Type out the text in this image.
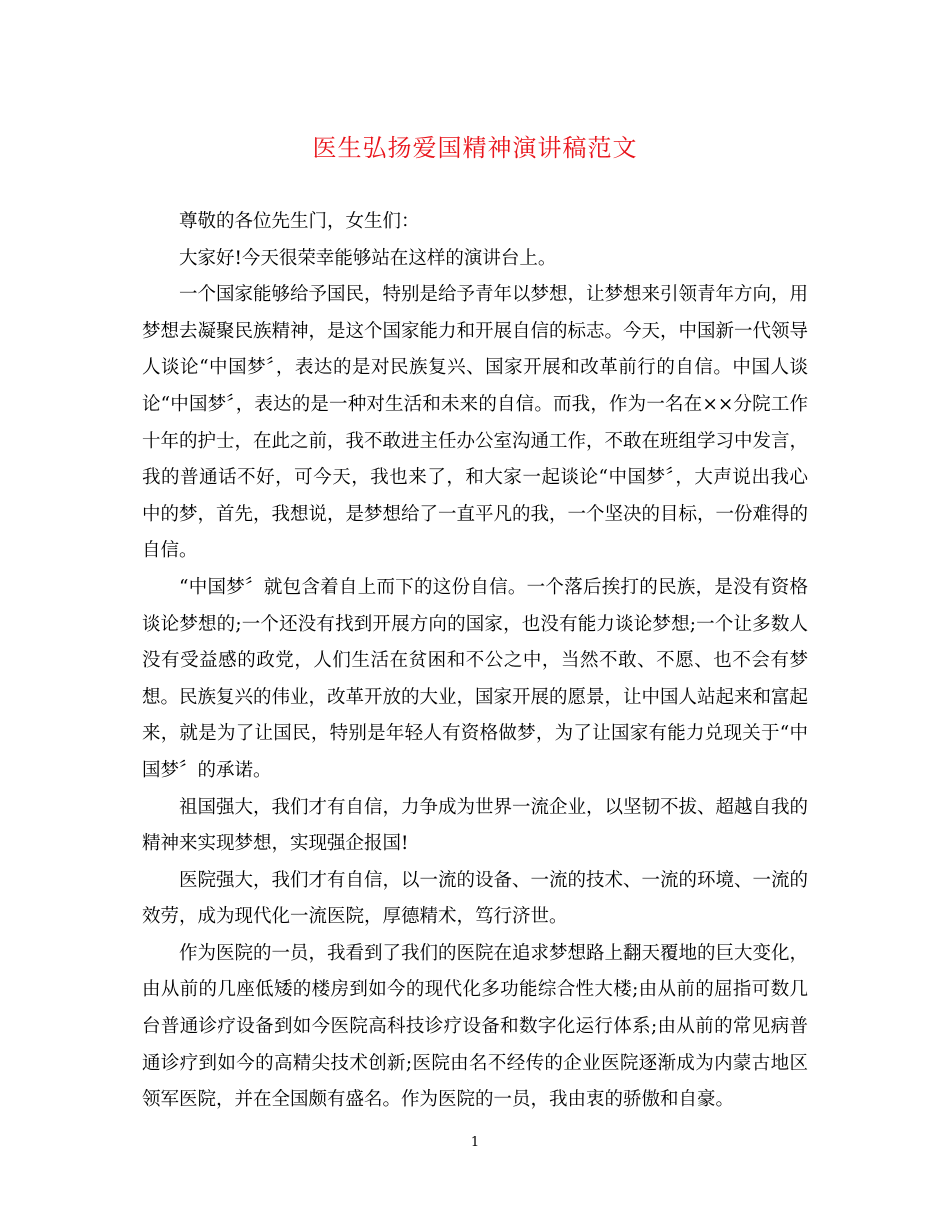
医生弘扬爱国精神演讲稿范文

尊敬的各位先生门，女生们：

大家好!今天很荣幸能够站在这样的演讲台上。

一个国家能够给予国民，特别是给予青年以梦想，让梦想来引领青年方向，用梦想去凝聚民族精神，是这个国家能力和开展自信的标志。今天，中国新一代领导人谈论“中国梦〞，表达的是对民族复兴、国家开展和改革前行的自信。中国人谈论“中国梦〞，表达的是一种对生活和未来的自信。而我，作为一名在××分院工作十年的护士，在此之前，我不敢进主任办公室沟通工作，不敢在班组学习中发言，我的普通话不好，可今天，我也来了，和大家一起谈论“中国梦〞，大声说出我心中的梦，首先，我想说，是梦想给了一直平凡的我，一个坚决的目标，一份难得的自信。

“中国梦〞就包含着自上而下的这份自信。一个落后挨打的民族，是没有资格谈论梦想的;一个还没有找到开展方向的国家，也没有能力谈论梦想;一个让多数人没有受益感的政党，人们生活在贫困和不公之中，当然不敢、不愿、也不会有梦想。民族复兴的伟业，改革开放的大业，国家开展的愿景，让中国人站起来和富起来，就是为了让国民，特别是年轻人有资格做梦，为了让国家有能力兑现关于“中国梦〞的承诺。

祖国强大，我们才有自信，力争成为世界一流企业，以坚韧不拔、超越自我的精神来实现梦想，实现强企报国!

医院强大，我们才有自信，以一流的设备、一流的技术、一流的环境、一流的效劳，成为现代化一流医院，厚德精术，笃行济世。

作为医院的一员，我看到了我们的医院在追求梦想路上翻天覆地的巨大变化，由从前的几座低矮的楼房到如今的现代化多功能综合性大楼;由从前的屈指可数几台普通诊疗设备到如今医院高科技诊疗设备和数字化运行体系;由从前的常见病普通诊疗到如今的高精尖技术创新;医院由名不经传的企业医院逐渐成为内蒙古地区领军医院，并在全国颇有盛名。作为医院的一员，我由衷的骄傲和自豪。

1
